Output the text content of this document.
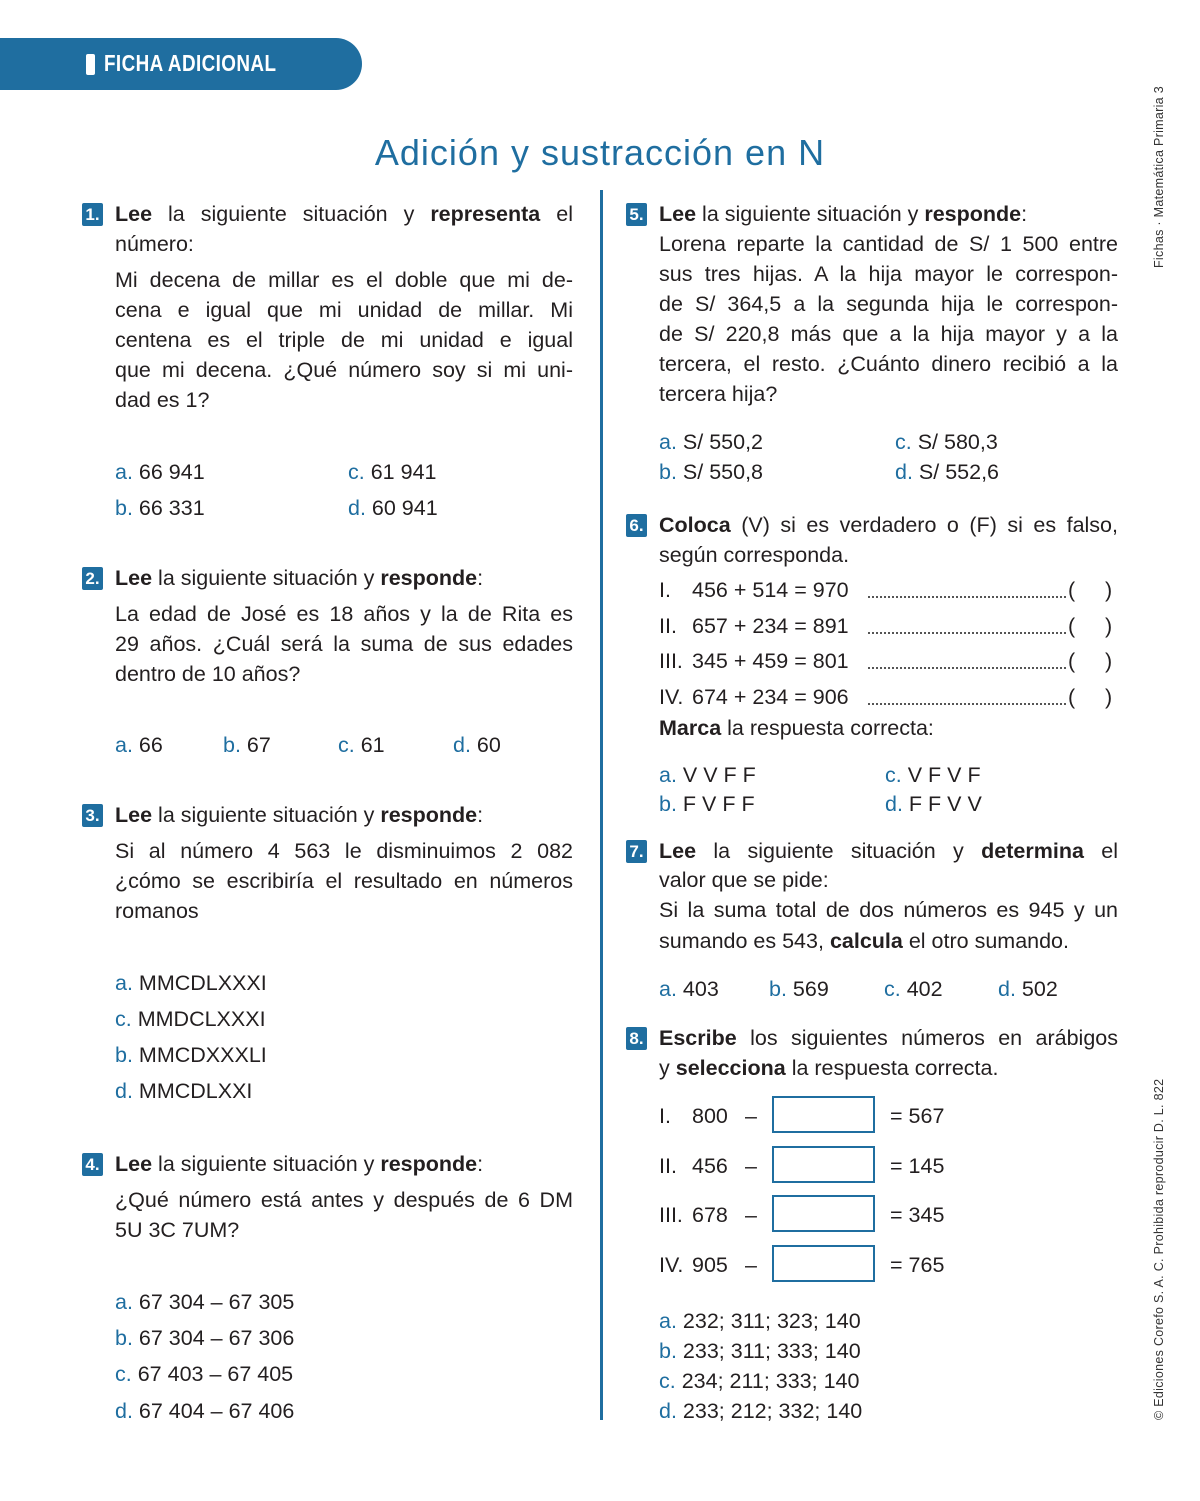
FICHA ADICIONAL
Fichas · Matemática Primaria 3
© Ediciones Corefo S. A. C. Prohibida reproducir D. L. 822
Adición y sustracción en N
1. Lee la siguiente situación y representa el
número:
Mi decena de millar es el doble que mi de-
cena e igual que mi unidad de millar. Mi
centena es el triple de mi unidad e igual
que mi decena. ¿Qué número soy si mi uni-
dad es 1?
a. 66 941	c. 61 941
b. 66 331	d. 60 941
2. Lee la siguiente situación y responde:
La edad de José es 18 años y la de Rita es
29 años. ¿Cuál será la suma de sus edades
dentro de 10 años?
a. 66	b. 67	c. 61	d. 60
3. Lee la siguiente situación y responde:
Si al número 4 563 le disminuimos 2 082
¿cómo se escribiría el resultado en números
romanos
a. MMCDLXXXI
c. MMDCLXXXI
b. MMCDXXXLI
d. MMCDLXXI
4. Lee la siguiente situación y responde:
¿Qué número está antes y después de 6 DM
5U 3C 7UM?
a. 67 304 – 67 305
b. 67 304 – 67 306
c. 67 403 – 67 405
d. 67 404 – 67 406
5. Lee la siguiente situación y responde:
Lorena reparte la cantidad de S/ 1 500 entre
sus tres hijas. A la hija mayor le correspon-
de S/ 364,5 a la segunda hija le correspon-
de S/ 220,8 más que a la hija mayor y a la
tercera, el resto. ¿Cuánto dinero recibió a la
tercera hija?
a. S/ 550,2	c. S/ 580,3
b. S/ 550,8	d. S/ 552,6
6. Coloca (V) si es verdadero o (F) si es falso,
según corresponda.
I. 456 + 514 = 970	( )
II. 657 + 234 = 891	( )
III. 345 + 459 = 801	( )
IV. 674 + 234 = 906	( )
Marca la respuesta correcta:
a. V V F F	c. V F V F
b. F V F F	d. F F V V
7. Lee la siguiente situación y determina el
valor que se pide:
Si la suma total de dos números es 945 y un
sumando es 543, calcula el otro sumando.
a. 403 b. 569	c. 402	d. 502
8. Escribe los siguientes números en arábigos
y selecciona la respuesta correcta.
I. 800 –	= 567
II. 456 –	= 145
III. 678 –	= 345
IV. 905 –	= 765
a. 232; 311; 323; 140
b. 233; 311; 333; 140
c. 234; 211; 333; 140
d. 233; 212; 332; 140
